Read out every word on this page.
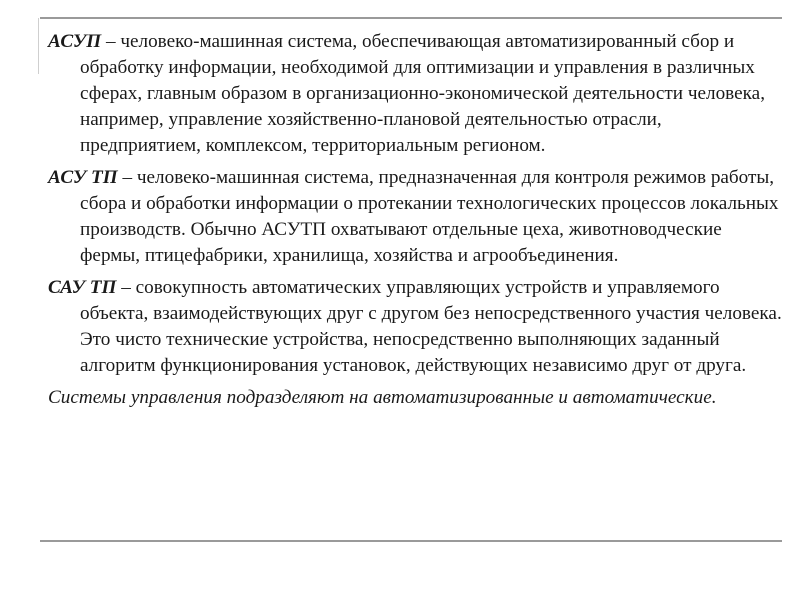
АСУП – человеко-машинная система, обеспечивающая автоматизированный сбор и обработку информации, необходимой для оптимизации и управления в различных сферах, главным образом в организационно-экономической деятельности человека, например, управление хозяйственно-плановой деятельностью отрасли, предприятием, комплексом, территориальным регионом.

АСУ ТП – человеко-машинная система, предназначенная для контроля режимов работы, сбора и обработки информации о протекании технологических процессов локальных производств. Обычно АСУТП охватывают отдельные цеха, животноводческие фермы, птицефабрики, хранилища, хозяйства и агрообъединения.

САУ ТП – совокупность автоматических управляющих устройств и управляемого объекта, взаимодействующих друг с другом без непосредственного участия человека. Это чисто технические устройства, непосредственно выполняющих заданный алгоритм функционирования установок, действующих независимо друг от друга.

Системы управления подразделяют на автоматизированные и автоматические.
